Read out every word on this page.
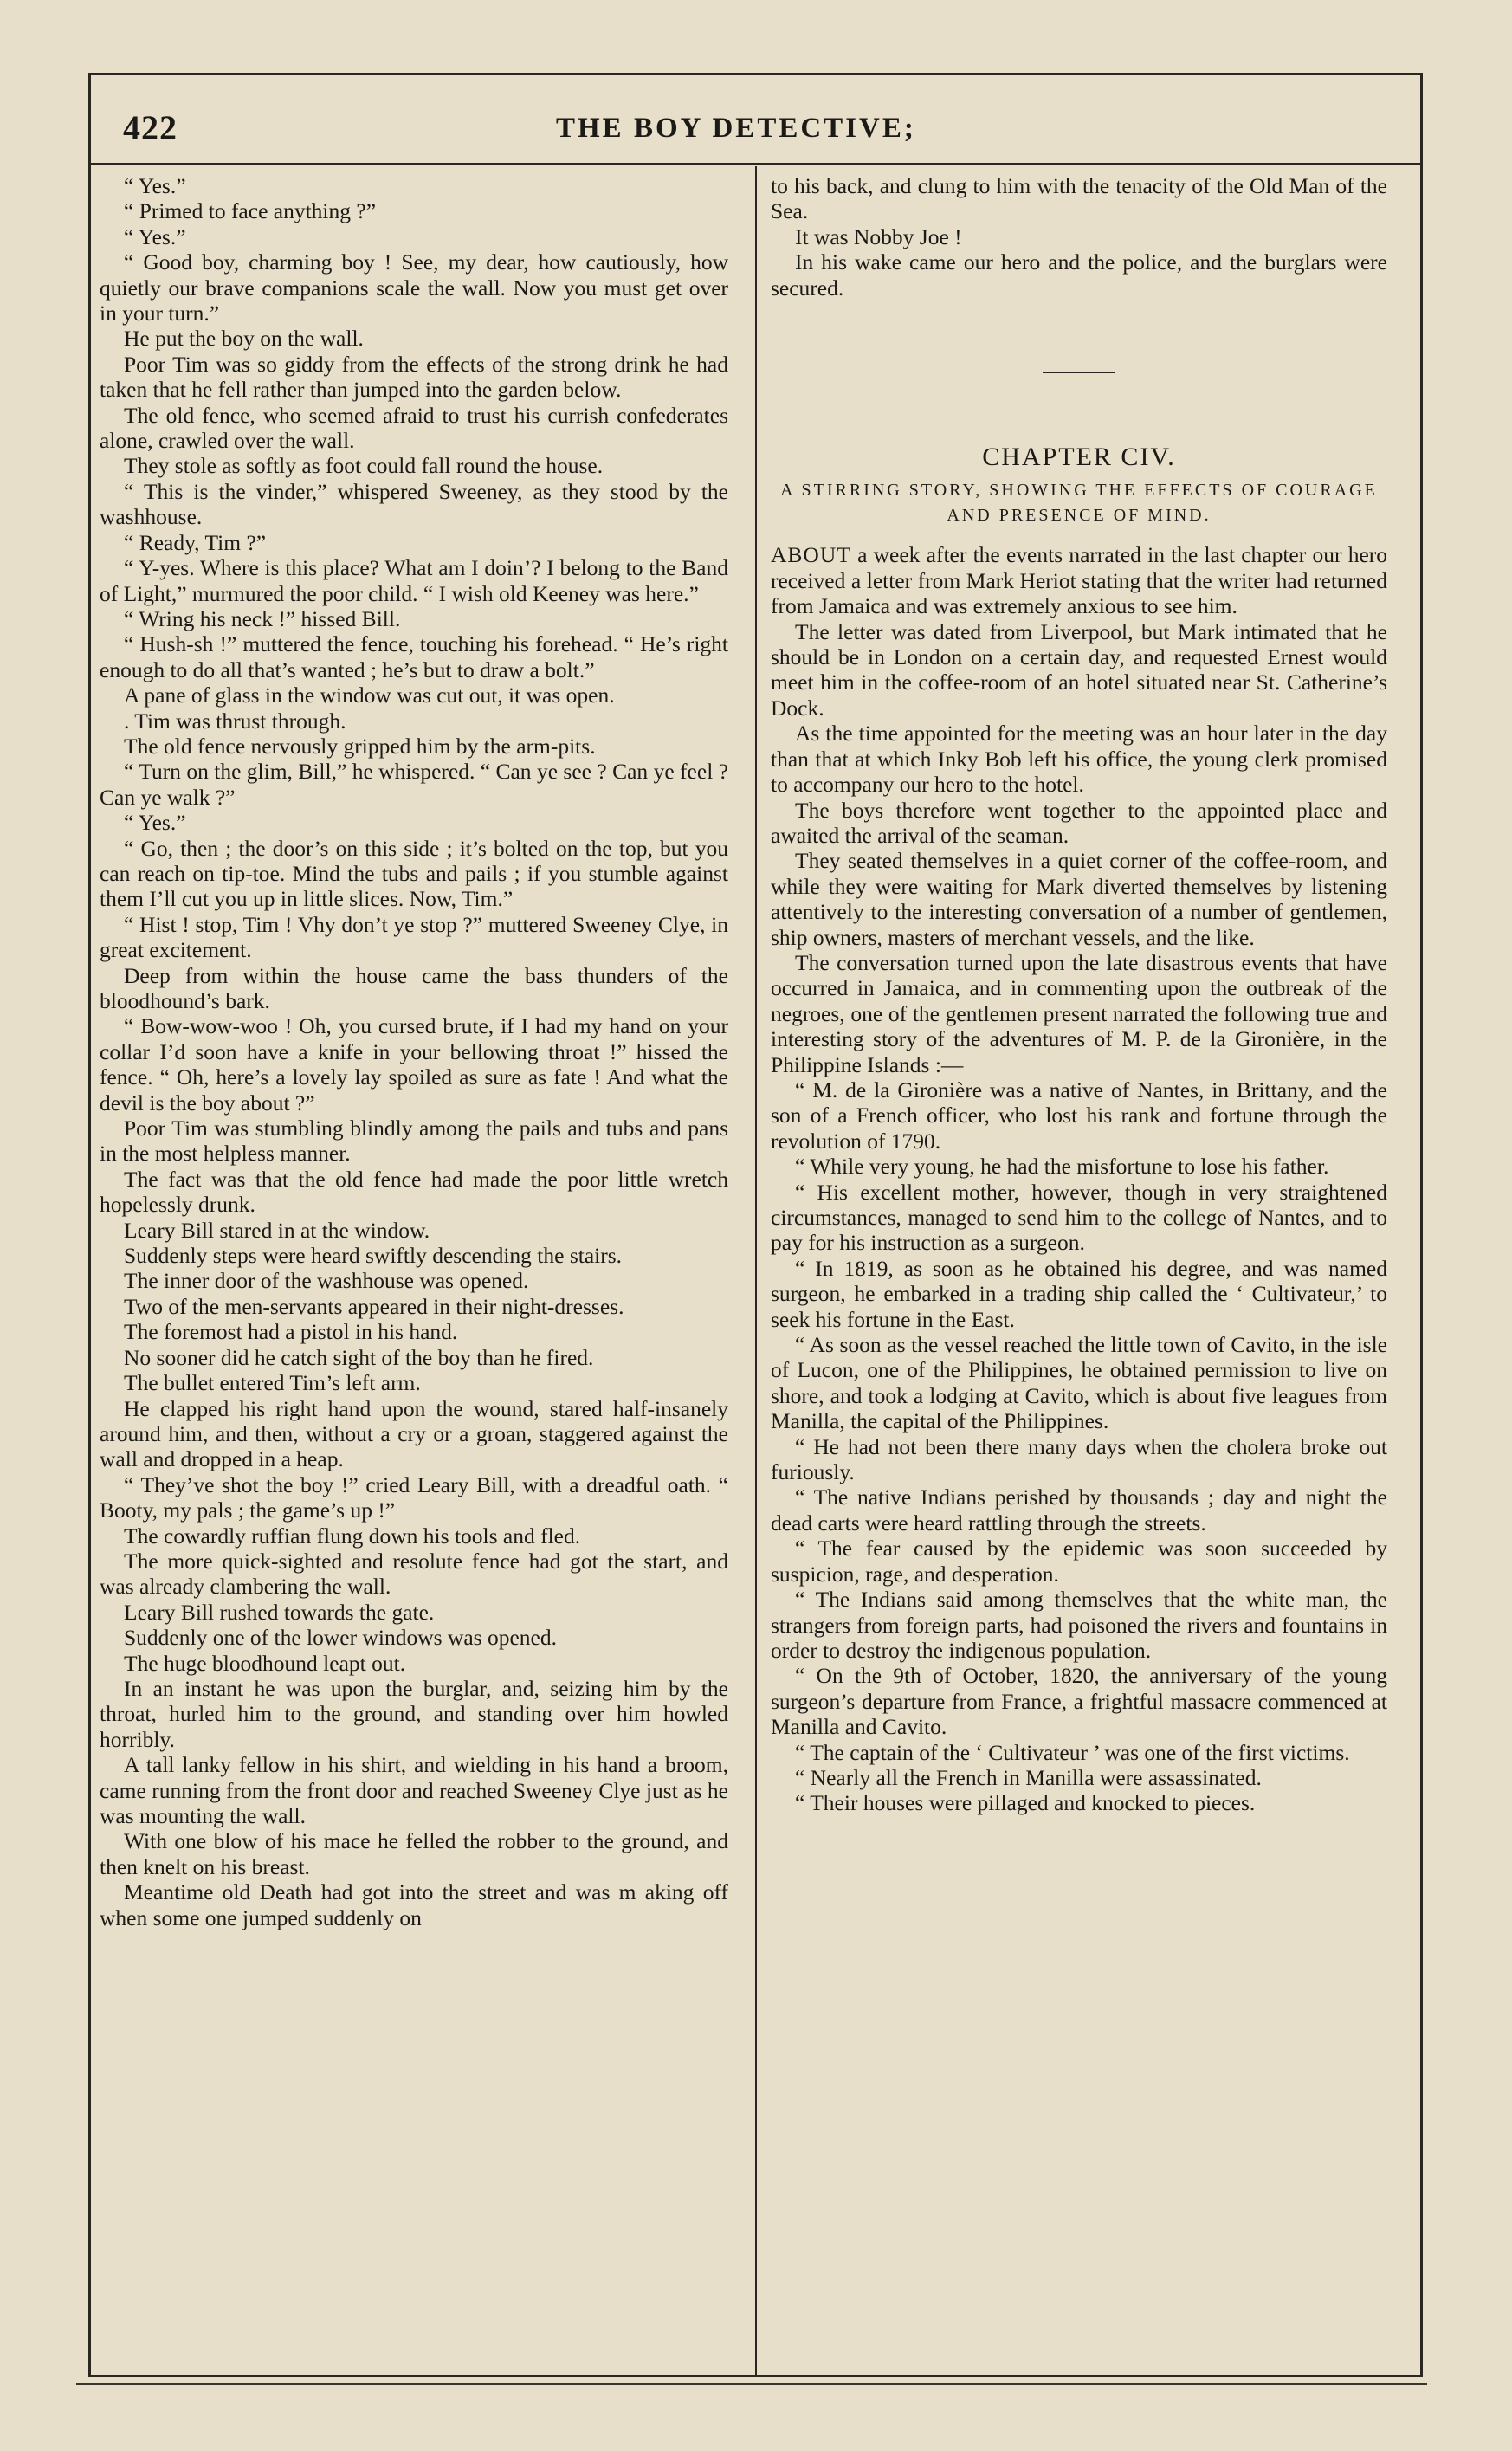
422	THE BOY DETECTIVE;

“ Yes.”

“ Primed to face anything ?”

“ Yes.”

“ Good boy, charming boy ! See, my dear, how cautiously, how quietly our brave companions scale the wall. Now you must get over in your turn.”

He put the boy on the wall.

Poor Tim was so giddy from the effects of the strong drink he had taken that he fell rather than jumped into the garden below.

The old fence, who seemed afraid to trust his currish confederates alone, crawled over the wall.

They stole as softly as foot could fall round the house.

“ This is the vinder,” whispered Sweeney, as they stood by the washhouse.

“ Ready, Tim ?”

“ Y-yes. Where is this place? What am I doin’? I belong to the Band of Light,” murmured the poor child. “ I wish old Keeney was here.”

“ Wring his neck !” hissed Bill.

“ Hush-sh !” muttered the fence, touching his forehead. “ He’s right enough to do all that’s wanted ; he’s but to draw a bolt.”

A pane of glass in the window was cut out, it was open.

. Tim was thrust through.

The old fence nervously gripped him by the arm-pits.

“ Turn on the glim, Bill,” he whispered. “ Can ye see ? Can ye feel ? Can ye walk ?”

“ Yes.”

“ Go, then ; the door’s on this side ; it’s bolted on the top, but you can reach on tip-toe. Mind the tubs and pails ; if you stumble against them I’ll cut you up in little slices. Now, Tim.”

“ Hist ! stop, Tim ! Vhy don’t ye stop ?” muttered Sweeney Clye, in great excitement.

Deep from within the house came the bass thunders of the bloodhound’s bark.

“ Bow-wow-woo ! Oh, you cursed brute, if I had my hand on your collar I’d soon have a knife in your bellowing throat !” hissed the fence. “ Oh, here’s a lovely lay spoiled as sure as fate ! And what the devil is the boy about ?”

Poor Tim was stumbling blindly among the pails and tubs and pans in the most helpless manner.

The fact was that the old fence had made the poor little wretch hopelessly drunk.

Leary Bill stared in at the window.

Suddenly steps were heard swiftly descending the stairs.

The inner door of the washhouse was opened.

Two of the men-servants appeared in their night-dresses.

The foremost had a pistol in his hand.

No sooner did he catch sight of the boy than he fired.

The bullet entered Tim’s left arm.

He clapped his right hand upon the wound, stared half-insanely around him, and then, without a cry or a groan, staggered against the wall and dropped in a heap.

“ They’ve shot the boy !” cried Leary Bill, with a dreadful oath. “ Booty, my pals ; the game’s up !”

The cowardly ruffian flung down his tools and fled.

The more quick-sighted and resolute fence had got the start, and was already clambering the wall.

Leary Bill rushed towards the gate.

Suddenly one of the lower windows was opened.

The huge bloodhound leapt out.

In an instant he was upon the burglar, and, seizing him by the throat, hurled him to the ground, and standing over him howled horribly.

A tall lanky fellow in his shirt, and wielding in his hand a broom, came running from the front door and reached Sweeney Clye just as he was mounting the wall.

With one blow of his mace he felled the robber to the ground, and then knelt on his breast.

Meantime old Death had got into the street and was m aking off when some one jumped suddenly on

to his back, and clung to him with the tenacity of the Old Man of the Sea.

It was Nobby Joe !

In his wake came our hero and the police, and the burglars were secured.

CHAPTER CIV.

A STIRRING STORY, SHOWING THE EFFECTS OF COURAGE AND PRESENCE OF MIND.

ABOUT a week after the events narrated in the last chapter our hero received a letter from Mark Heriot stating that the writer had returned from Jamaica and was extremely anxious to see him.

The letter was dated from Liverpool, but Mark intimated that he should be in London on a certain day, and requested Ernest would meet him in the coffee-room of an hotel situated near St. Catherine’s Dock.

As the time appointed for the meeting was an hour later in the day than that at which Inky Bob left his office, the young clerk promised to accompany our hero to the hotel.

The boys therefore went together to the appointed place and awaited the arrival of the seaman.

They seated themselves in a quiet corner of the coffee-room, and while they were waiting for Mark diverted themselves by listening attentively to the interesting conversation of a number of gentlemen, ship owners, masters of merchant vessels, and the like.

The conversation turned upon the late disastrous events that have occurred in Jamaica, and in commenting upon the outbreak of the negroes, one of the gentlemen present narrated the following true and interesting story of the adventures of M. P. de la Gironière, in the Philippine Islands :—

“ M. de la Gironière was a native of Nantes, in Brittany, and the son of a French officer, who lost his rank and fortune through the revolution of 1790.

“ While very young, he had the misfortune to lose his father.

“ His excellent mother, however, though in very straightened circumstances, managed to send him to the college of Nantes, and to pay for his instruction as a surgeon.

“ In 1819, as soon as he obtained his degree, and was named surgeon, he embarked in a trading ship called the ‘ Cultivateur,’ to seek his fortune in the East.

“ As soon as the vessel reached the little town of Cavito, in the isle of Lucon, one of the Philippines, he obtained permission to live on shore, and took a lodging at Cavito, which is about five leagues from Manilla, the capital of the Philippines.

“ He had not been there many days when the cholera broke out furiously.

“ The native Indians perished by thousands ; day and night the dead carts were heard rattling through the streets.

“ The fear caused by the epidemic was soon succeeded by suspicion, rage, and desperation.

“ The Indians said among themselves that the white man, the strangers from foreign parts, had poisoned the rivers and fountains in order to destroy the indigenous population.

“ On the 9th of October, 1820, the anniversary of the young surgeon’s departure from France, a frightful massacre commenced at Manilla and Cavito.

“ The captain of the ‘ Cultivateur ’ was one of the first victims.

“ Nearly all the French in Manilla were assassinated.

“ Their houses were pillaged and knocked to pieces.
